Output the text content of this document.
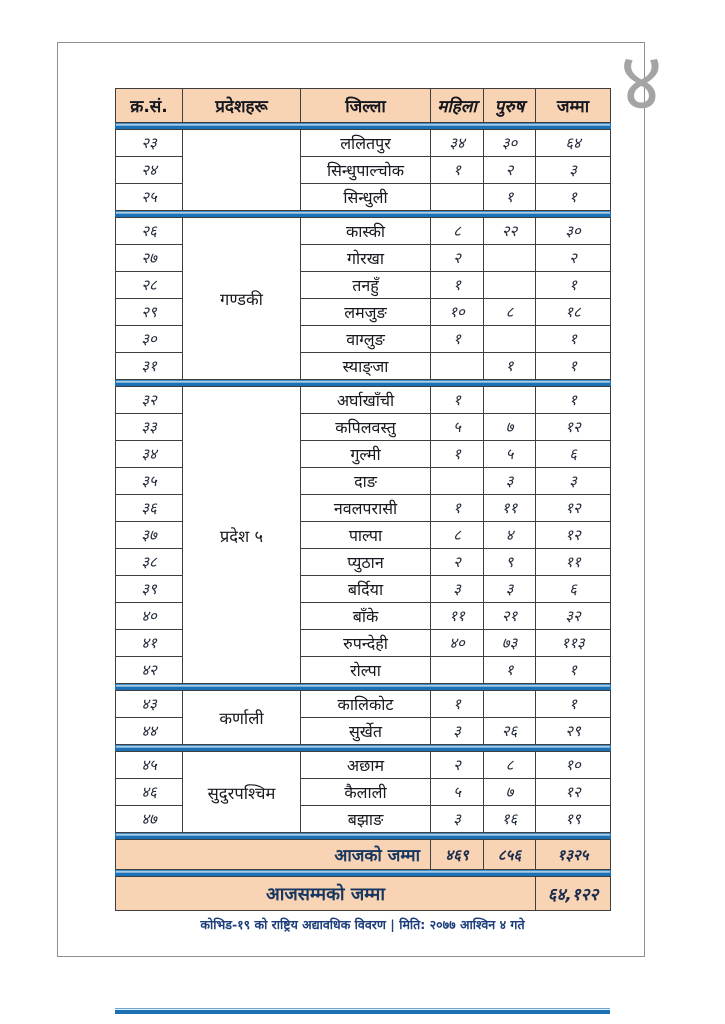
४
क्र.सं.	प्रदेशहरू	जिल्ला	महिला	पुरुष	जम्मा

२३		ललितपुर	३४	३०	६४
२४		सिन्धुपाल्चोक	१	२	३
२५		सिन्धुली		१	१

२६	गण्डकी	कास्की	८	२२	३०
२७		गोरखा	२		२
२८		तनहुँ	१		१
२९		लमजुङ	१०	८	१८
३०		वाग्लुङ	१		१
३१		स्याङ्जा		१	१

३२	प्रदेश ५	अर्घाखाँची	१		१
३३		कपिलवस्तु	५	७	१२
३४		गुल्मी	१	५	६
३५		दाङ		३	३
३६		नवलपरासी	१	११	१२
३७		पाल्पा	८	४	१२
३८		प्युठान	२	९	११
३९		बर्दिया	३	३	६
४०		बाँके	११	२१	३२
४१		रुपन्देही	४०	७३	११३
४२		रोल्पा		१	१

४३	कर्णाली	कालिकोट	१		१
४४		सुर्खेत	३	२६	२९

४५	सुदुरपश्चिम	अछाम	२	८	१०
४६		कैलाली	५	७	१२
४७		बझाङ	३	१६	१९

आजको जम्मा			४६९	८५६	१३२५

आजसम्मको जम्मा					६४,१२२
कोभिड-१९ को राष्ट्रिय अद्यावधिक विवरण | मिति: २०७७ आश्विन ४ गते
